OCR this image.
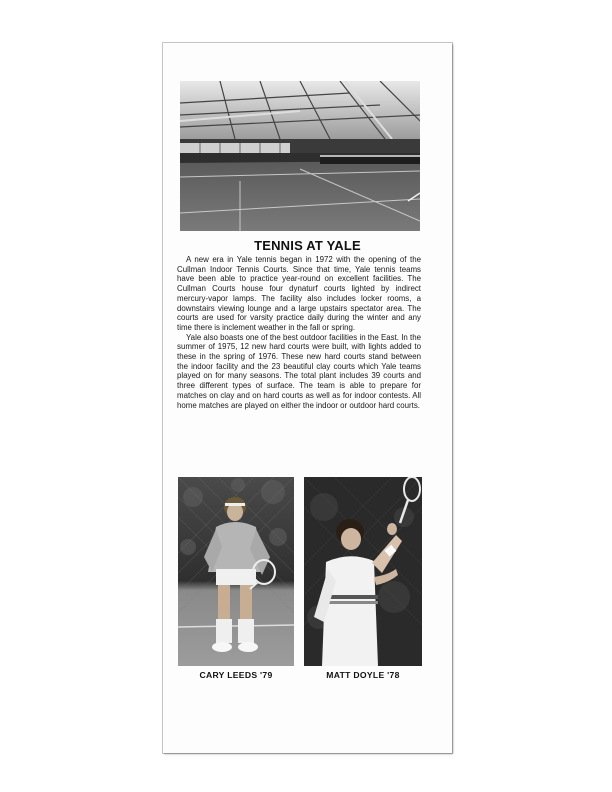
TENNIS AT YALE

A new era in Yale tennis began in 1972 with the opening of the Cullman Indoor Tennis Courts. Since that time, Yale tennis teams have been able to practice year-round on excellent facilities. The Cullman Courts house four dynaturf courts lighted by indirect mercury-vapor lamps. The facility also includes locker rooms, a downstairs viewing lounge and a large upstairs spectator area. The courts are used for varsity practice daily during the winter and any time there is inclement weather in the fall or spring.

Yale also boasts one of the best outdoor facilities in the East. In the summer of 1975, 12 new hard courts were built, with lights added to these in the spring of 1976. These new hard courts stand between the indoor facility and the 23 beautiful clay courts which Yale teams played on for many seasons. The total plant includes 39 courts and three different types of surface. The team is able to prepare for matches on clay and on hard courts as well as for indoor contests. All home matches are played on either the indoor or outdoor hard courts.

CARY LEEDS '79	MATT DOYLE '78
